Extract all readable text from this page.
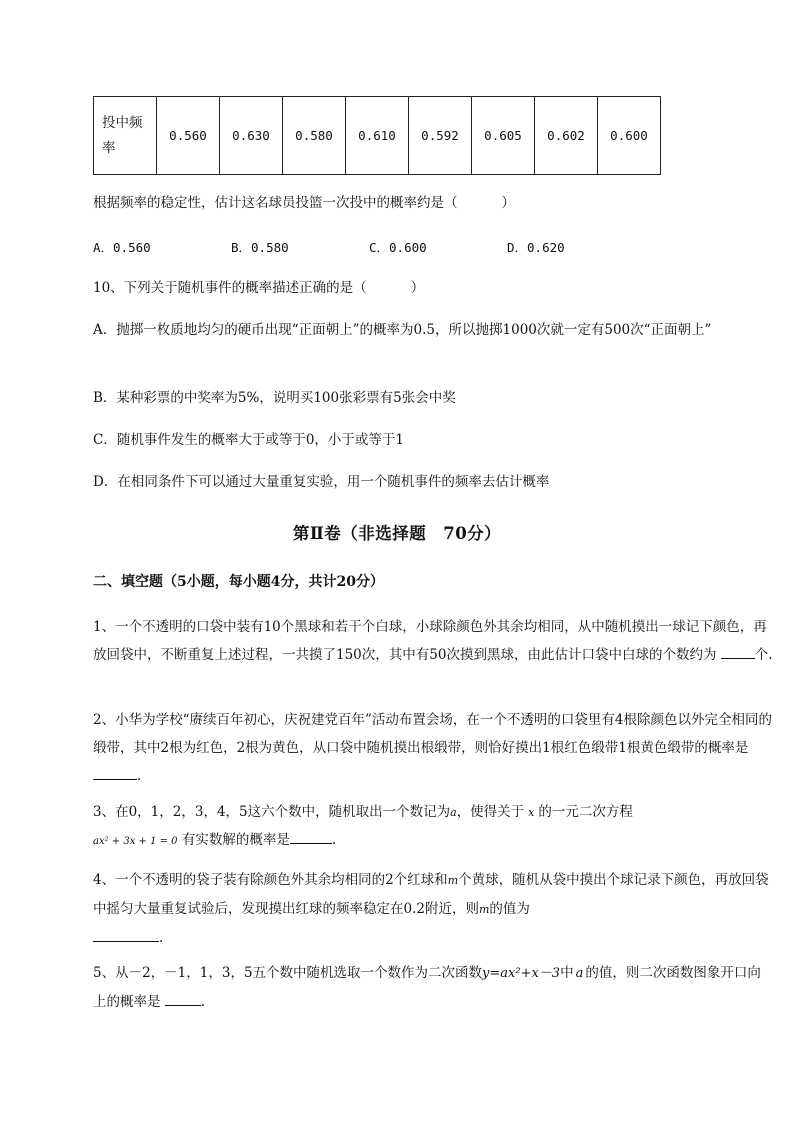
投中频
率
	0.560	0.630	0.580	0.610	0.592	0.605	0.602	0.600
根据频率的稳定性，估计这名球员投篮一次投中的概率约是（	）
A．0.560	B．0.580	C．0.600	D．0.620
10、下列关于随机事件的概率描述正确的是（	）
A．抛掷一枚质地均匀的硬币出现“正面朝上”的概率为0.5，所以抛掷1000次就一定有500次“正面朝上”
B．某种彩票的中奖率为5%，说明买100张彩票有5张会中奖
C．随机事件发生的概率大于或等于0，小于或等于1
D．在相同条件下可以通过大量重复实验，用一个随机事件的频率去估计概率
第Ⅱ卷（非选择题　70分）
二、填空题（5小题，每小题4分，共计20分）
1、一个不透明的口袋中装有10个黑球和若干个白球，小球除颜色外其余均相同，从中随机摸出一球记下颜色，再放回袋中，不断重复上述过程，一共摸了150次，其中有50次摸到黑球，由此估计口袋中白球的个数约为	个.
2、小华为学校“赓续百年初心，庆祝建党百年”活动布置会场，在一个不透明的口袋里有4根除颜色以外完全相同的缎带，其中2根为红色，2根为黄色，从口袋中随机摸出根缎带，则恰好摸出1根红色缎带1根黄色缎带的概率是.
3、在0，1，2，3，4，5这六个数中，随机取出一个数记为a，使得关于 x 的一元二次方程
ax² + 3x + 1 = 0 有实数解的概率是	.
4、一个不透明的袋子装有除颜色外其余均相同的2个红球和m个黄球，随机从袋中摸出个球记录下颜色，再放回袋中摇匀大量重复试验后，发现摸出红球的频率稳定在0.2附近，则m的值为
.
5、从－2，－1，1，3，5五个数中随机选取一个数作为二次函数y=ax²+x－3中 a 的值，则二次函数图象开口向上的概率是	.
